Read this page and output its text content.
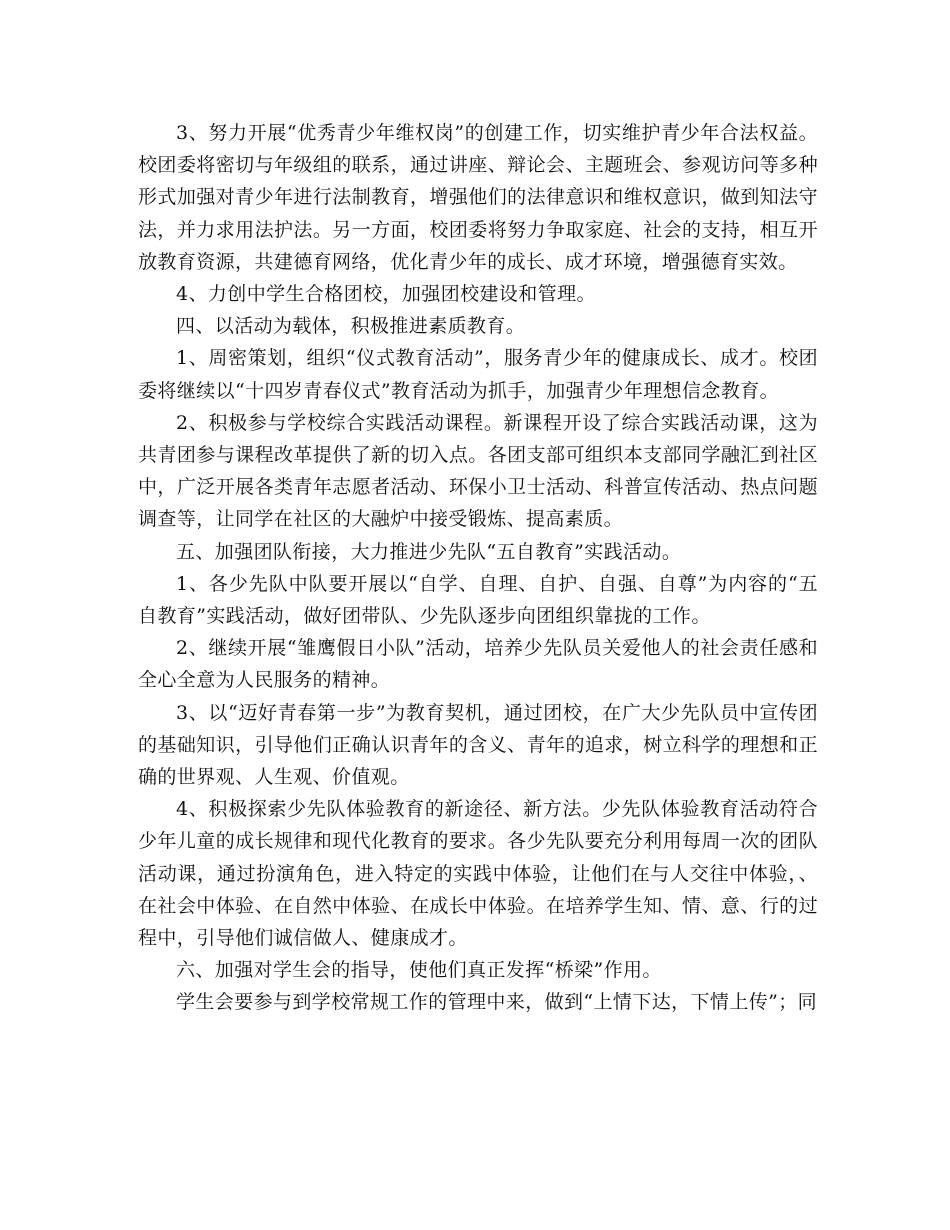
3、努力开展“优秀青少年维权岗”的创建工作，切实维护青少年合法权益。校团委将密切与年级组的联系，通过讲座、辩论会、主题班会、参观访问等多种形式加强对青少年进行法制教育，增强他们的法律意识和维权意识，做到知法守法，并力求用法护法。另一方面，校团委将努力争取家庭、社会的支持，相互开放教育资源，共建德育网络，优化青少年的成长、成才环境，增强德育实效。

4、力创中学生合格团校，加强团校建设和管理。

四、以活动为载体，积极推进素质教育。

1、周密策划，组织“仪式教育活动”，服务青少年的健康成长、成才。校团委将继续以“十四岁青春仪式”教育活动为抓手，加强青少年理想信念教育。

2、积极参与学校综合实践活动课程。新课程开设了综合实践活动课，这为共青团参与课程改革提供了新的切入点。各团支部可组织本支部同学融汇到社区中，广泛开展各类青年志愿者活动、环保小卫士活动、科普宣传活动、热点问题调查等，让同学在社区的大融炉中接受锻炼、提高素质。

五、加强团队衔接，大力推进少先队“五自教育”实践活动。

1、各少先队中队要开展以“自学、自理、自护、自强、自尊”为内容的“五自教育”实践活动，做好团带队、少先队逐步向团组织靠拢的工作。

2、继续开展“雏鹰假日小队”活动，培养少先队员关爱他人的社会责任感和全心全意为人民服务的精神。

3、以“迈好青春第一步”为教育契机，通过团校，在广大少先队员中宣传团的基础知识，引导他们正确认识青年的含义、青年的追求，树立科学的理想和正确的世界观、人生观、价值观。

4、积极探索少先队体验教育的新途径、新方法。少先队体验教育活动符合少年儿童的成长规律和现代化教育的要求。各少先队要充分利用每周一次的团队活动课，通过扮演角色，进入特定的实践中体验，让他们在与人交往中体验，、在社会中体验、在自然中体验、在成长中体验。在培养学生知、情、意、行的过程中，引导他们诚信做人、健康成才。

六、加强对学生会的指导，使他们真正发挥“桥梁”作用。

学生会要参与到学校常规工作的管理中来，做到“上情下达，下情上传”；同
